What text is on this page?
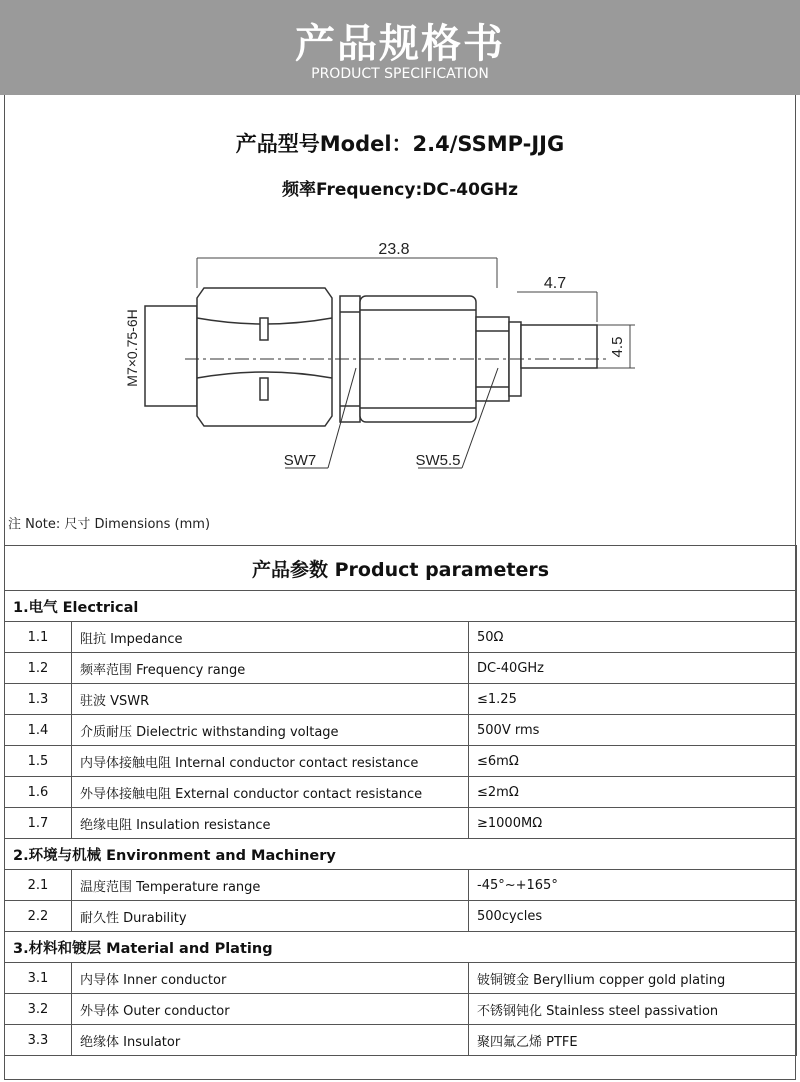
产品规格书
PRODUCT SPECIFICATION
产品型号Model：2.4/SSMP-JJG
频率Frequency:DC-40GHz
23.8
4.7
4.5
M7×0.75-6H
SW7	SW5.5
注 Note: 尺寸 Dimensions (mm)
产品参数 Product parameters		
1.电气 Electrical		
1.1	阻抗 Impedance	50Ω
1.2	频率范围 Frequency range	DC-40GHz
1.3	驻波 VSWR	≤1.25
1.4	介质耐压 Dielectric withstanding voltage	500V rms
1.5	内导体接触电阻 Internal conductor contact resistance	≤6mΩ
1.6	外导体接触电阻 External conductor contact resistance	≤2mΩ
1.7	绝缘电阻 Insulation resistance	≥1000MΩ
2.环境与机械 Environment and Machinery		
2.1	温度范围 Temperature range	-45°~+165°
2.2	耐久性 Durability	500cycles
3.材料和镀层 Material and Plating		
3.1	内导体 Inner conductor	铍铜镀金 Beryllium copper gold plating
3.2	外导体 Outer conductor	不锈钢钝化 Stainless steel passivation
3.3	绝缘体 Insulator	聚四氟乙烯 PTFE
